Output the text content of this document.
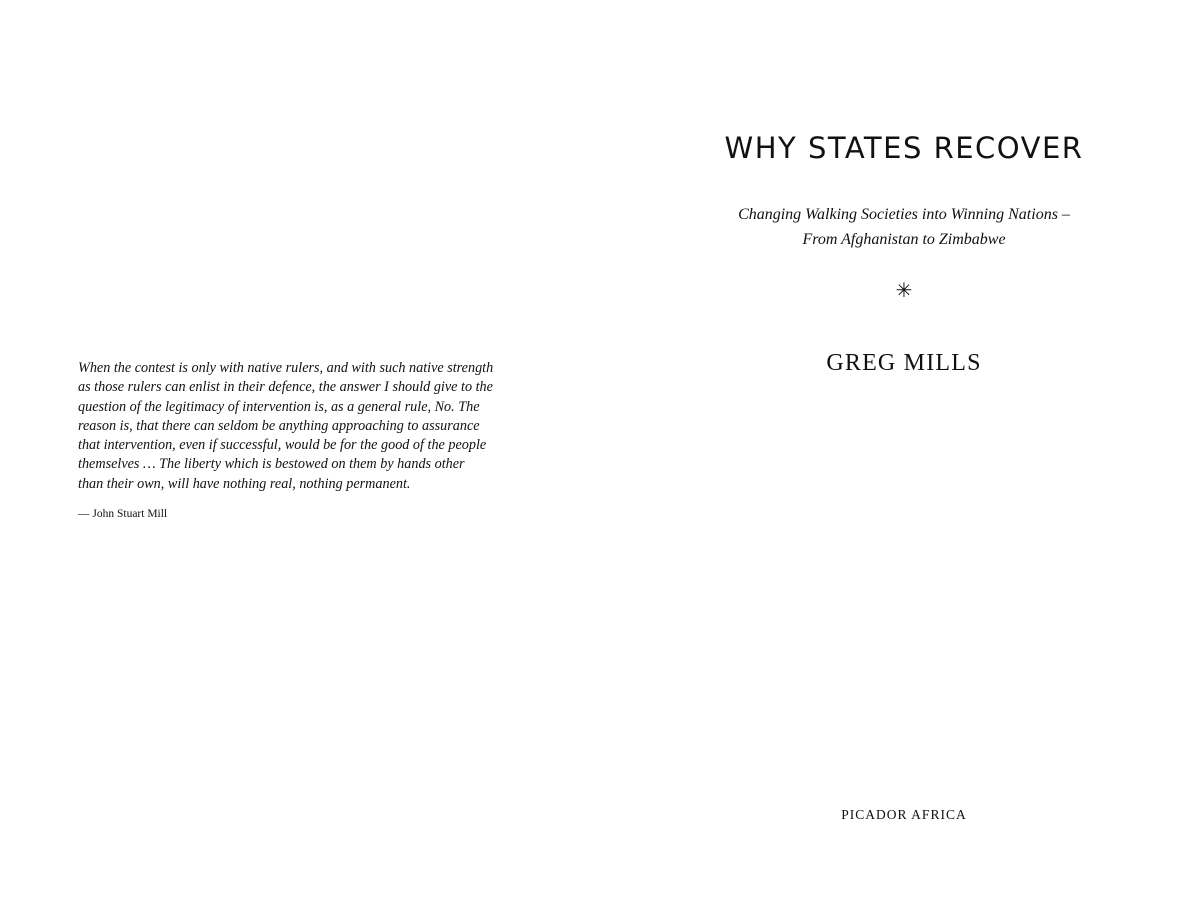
When the contest is only with native rulers, and with such native strength
as those rulers can enlist in their defence, the answer I should give to the
question of the legitimacy of intervention is, as a general rule, No. The
reason is, that there can seldom be anything approaching to assurance
that intervention, even if successful, would be for the good of the people
themselves … The liberty which is bestowed on them by hands other
than their own, will have nothing real, nothing permanent.
— John Stuart Mill
WHY STATES RECOVER
Changing Walking Societies into Winning Nations –
From Afghanistan to Zimbabwe
✳
GREG MILLS
PICADOR AFRICA
